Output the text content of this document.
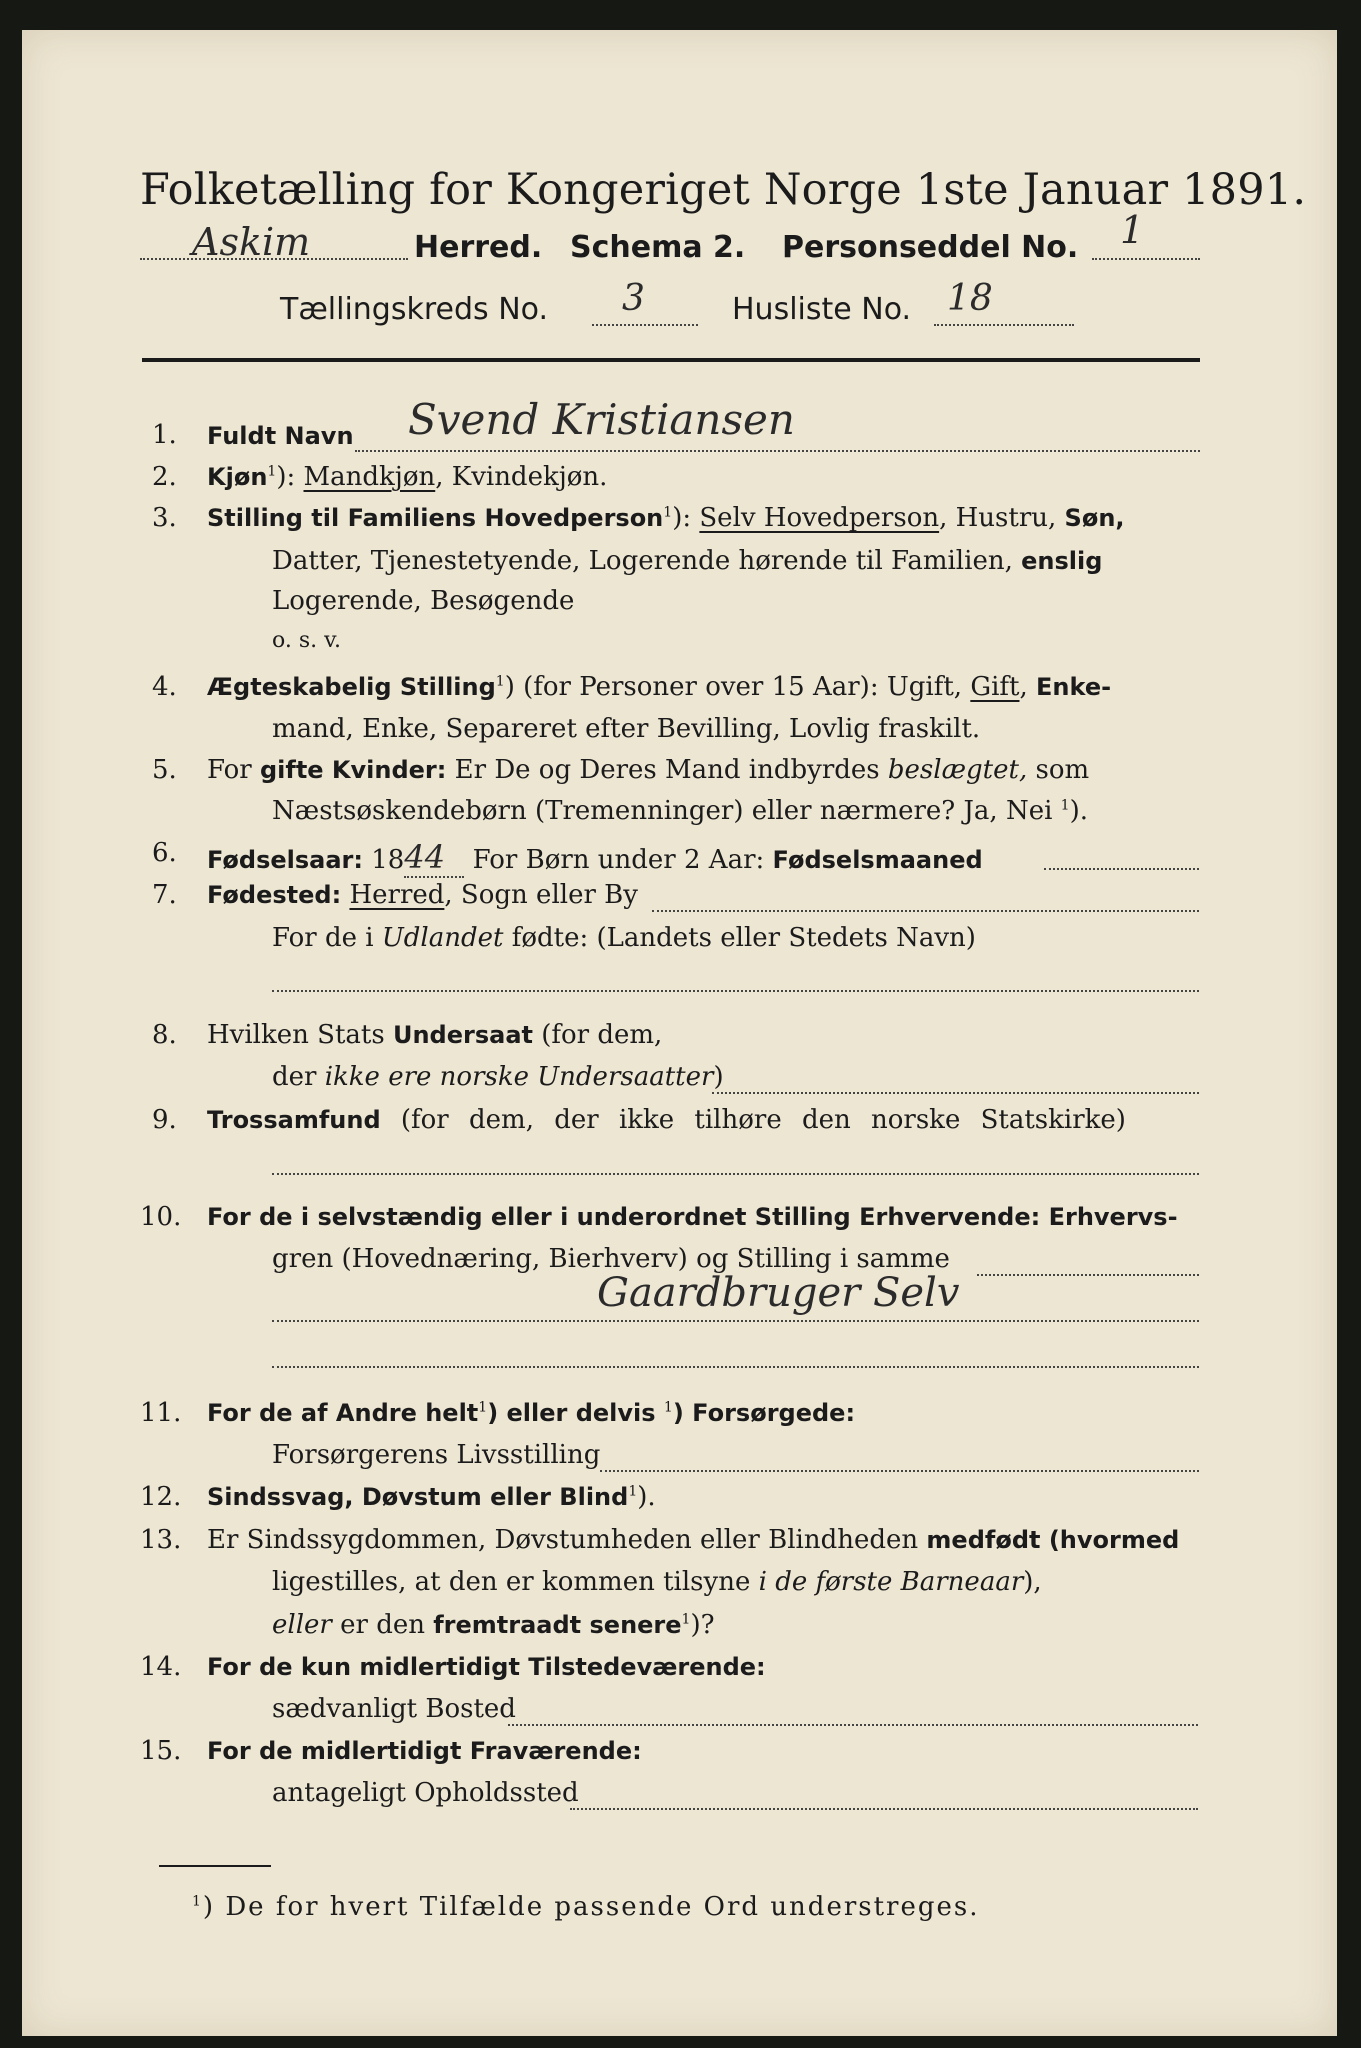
Folketælling for Kongeriget Norge 1ste Januar 1891.
Askim	Herred. Schema 2. Personseddel No. 1
Tællingskreds No. 3	Husliste No. 18
1. Fuldt Navn Svend Kristiansen
2. Kjøn$^1$): Mandkjøn, Kvindekjøn.
3. Stilling til Familiens Hovedperson$^1$): Selv Hovedperson, Hustru, Søn,
Datter, Tjenestetyende, Logerende hørende til Familien, enslig
Logerende, Besøgende
o. s. v.
4. Ægteskabelig Stilling$^1$) (for Personer over 15 Aar): Ugift, Gift, Enke-
mand, Enke, Separeret efter Bevilling, Lovlig fraskilt.
5. For gifte Kvinder: Er De og Deres Mand indbyrdes beslægtet, som
Næstsøskendebørn (Tremenninger) eller nærmere? Ja, Nei $^1$).
6. Fødselsaar: 1844 For Børn under 2 Aar: Fødselsmaaned
7. Fødested: Herred, Sogn eller By
For de i Udlandet fødte: (Landets eller Stedets Navn)
8. Hvilken Stats Undersaat (for dem,
der ikke ere norske Undersaatter)
9. Trossamfund (for dem, der ikke tilhøre den norske Statskirke)
10. For de i selvstændig eller i underordnet Stilling Erhvervende: Erhvervs-
gren (Hovednæring, Bierhverv) og Stilling i samme
Gaardbruger Selv
11. For de af Andre helt$^1$) eller delvis $^1$) Forsørgede:
Forsørgerens Livsstilling
12. Sindssvag, Døvstum eller Blind$^1$).
13. Er Sindssygdommen, Døvstumheden eller Blindheden medfødt (hvormed
ligestilles, at den er kommen tilsyne i de første Barneaar),
eller er den fremtraadt senere$^1$)?
14. For de kun midlertidigt Tilstedeværende:
sædvanligt Bosted
15. For de midlertidigt Fraværende:
antageligt Opholdssted
$^1$) De for hvert Tilfælde passende Ord understreges.
